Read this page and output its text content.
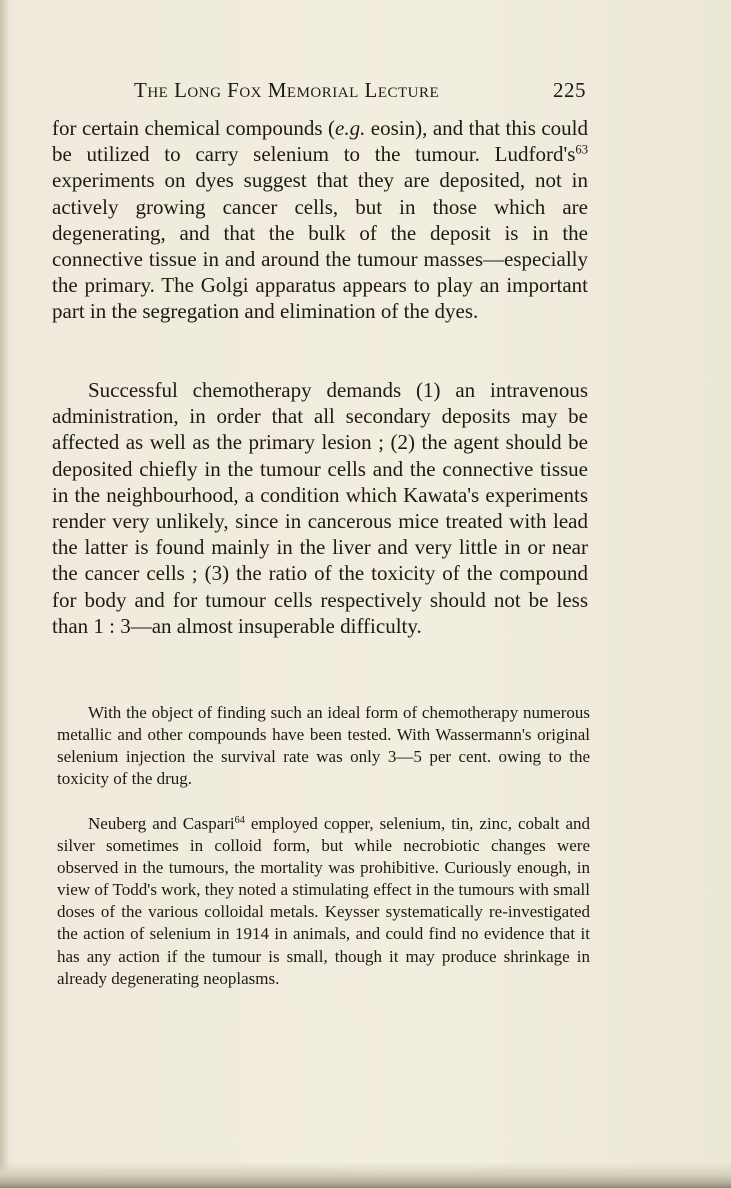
The Long Fox Memorial Lecture	225
for certain chemical compounds (e.g. eosin), and that this could be utilized to carry selenium to the tumour. $Ludford's^{63}$ experiments on dyes suggest that they are deposited, not in actively growing cancer cells, but in those which are degenerating, and that the bulk of the deposit is in the connective tissue in and around the tumour masses—especially the primary. The Golgi apparatus appears to play an important part in the segregation and elimination of the dyes.
Successful chemotherapy demands (1) an intravenous administration, in order that all secondary deposits may be affected as well as the primary lesion ; (2) the agent should be deposited chiefly in the tumour cells and the connective tissue in the neighbourhood, a condition which Kawata's experiments render very unlikely, since in cancerous mice treated with lead the latter is found mainly in the liver and very little in or near the cancer cells ; (3) the ratio of the toxicity of the compound for body and for tumour cells respectively should not be less than 1 : 3—an almost insuperable difficulty.
With the object of finding such an ideal form of chemotherapy numerous metallic and other compounds have been tested. With Wassermann's original selenium injection the survival rate was only 3—5 per cent. owing to the toxicity of the drug.
Neuberg and Caspari$^{64}$ employed copper, selenium, tin, zinc, cobalt and silver sometimes in colloid form, but while necrobiotic changes were observed in the tumours, the mortality was prohibitive. Curiously enough, in view of Todd's work, they noted a stimulating effect in the tumours with small doses of the various colloidal metals. Keysser systematically re-investigated the action of selenium in 1914 in animals, and could find no evidence that it has any action if the tumour is small, though it may produce shrinkage in already degenerating neoplasms.
